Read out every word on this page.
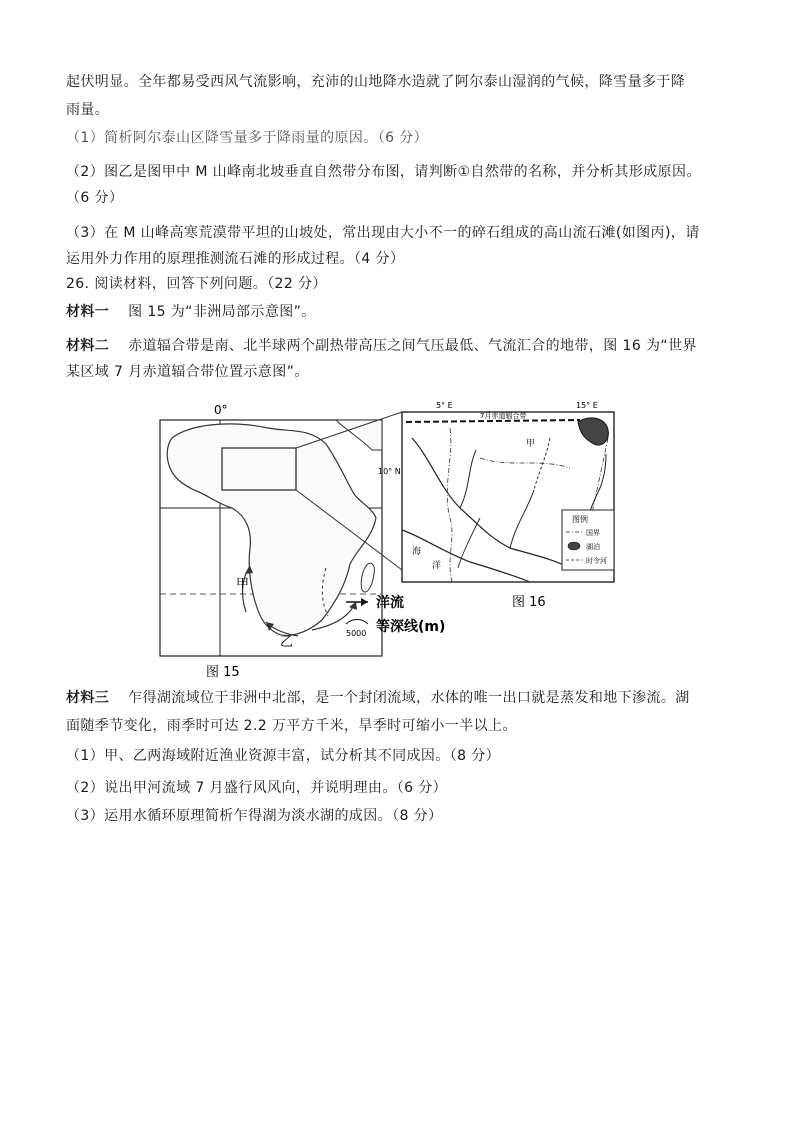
起伏明显。全年都易受西风气流影响，充沛的山地降水造就了阿尔泰山湿润的气候，降雪量多于降
雨量。
（1）简析阿尔泰山区降雪量多于降雨量的原因。（6 分）
（2）图乙是图甲中 M 山峰南北坡垂直自然带分布图，请判断①自然带的名称，并分析其形成原因。
（6 分）
（3）在 M 山峰高寒荒漠带平坦的山坡处，常出现由大小不一的碎石组成的高山流石滩(如图丙)，请
运用外力作用的原理推测流石滩的形成过程。（4 分）
26. 阅读材料，回答下列问题。（22 分）
材料一 图 15 为“非洲局部示意图”。
材料二 赤道辐合带是南、北半球两个副热带高压之间气压最低、气流汇合的地带，图 16 为“世界
某区域 7 月赤道辐合带位置示意图”。
0°
甲
乙
洋流
5000 等深线(m)
图 15
5° E	15° E
10° N
7月赤道辐合带
甲
海
洋
图例
国界
湖泊
时令河
图 16
材料三 乍得湖流域位于非洲中北部，是一个封闭流域，水体的唯一出口就是蒸发和地下渗流。湖
面随季节变化，雨季时可达 2.2 万平方千米，旱季时可缩小一半以上。
（1）甲、乙两海域附近渔业资源丰富，试分析其不同成因。（8 分）
（2）说出甲河流域 7 月盛行风风向，并说明理由。（6 分）
（3）运用水循环原理简析乍得湖为淡水湖的成因。（8 分）
